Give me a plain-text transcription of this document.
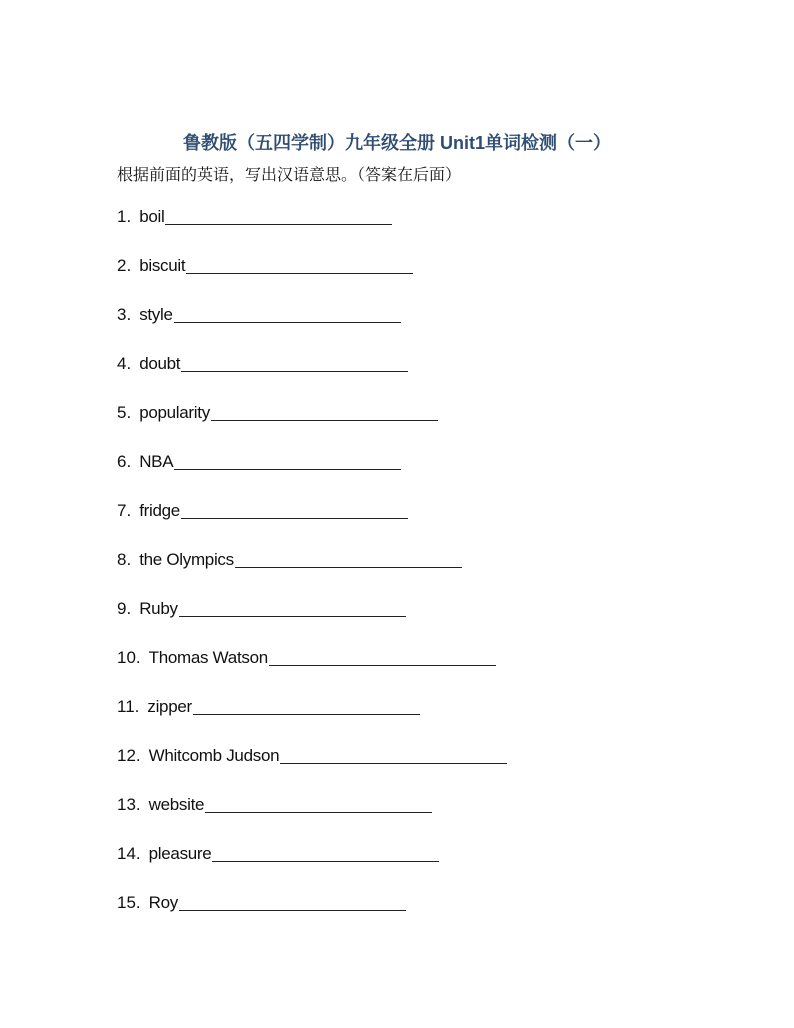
鲁教版（五四学制）九年级全册 Unit1单词检测（一）
根据前面的英语，写出汉语意思。（答案在后面）
1. boil
2. biscuit
3. style
4. doubt
5. popularity
6. NBA
7. fridge
8. the Olympics
9. Ruby
10. Thomas Watson
11. zipper
12. Whitcomb Judson
13. website
14. pleasure
15. Roy
